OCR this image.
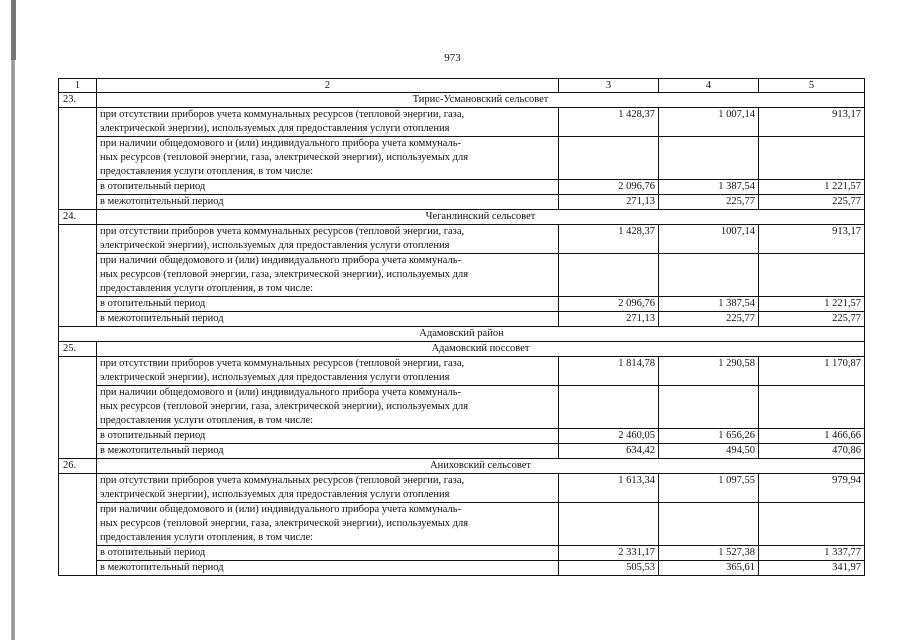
973
1	2	3	4	5
23.	Тирис-Усмановский сельсовет			

	при отсутствии приборов учета коммунальных ресурсов (тепловой энергии, газа,
электрической энергии), используемых для предоставления услуги отопления	1 428,37	1 007,14	913,17

	при наличии общедомового и (или) индивидуального прибора учета коммуналь-
ных ресурсов (тепловой энергии, газа, электрической энергии), используемых для
предоставления услуги отопления, в том числе:			

	в отопительный период	2 096,76	1 387,54	1 221,57

	в межотопительный период	271,13	225,77	225,77
24.	Чеганлинский сельсовет			

	при отсутствии приборов учета коммунальных ресурсов (тепловой энергии, газа,
электрической энергии), используемых для предоставления услуги отопления	1 428,37	1007,14	913,17

	при наличии общедомового и (или) индивидуального прибора учета коммуналь-
ных ресурсов (тепловой энергии, газа, электрической энергии), используемых для
предоставления услуги отопления, в том числе:			

	в отопительный период	2 096,76	1 387,54	1 221,57

	в межотопительный период	271,13	225,77	225,77
Адамовский район				
25.	Адамовский поссовет			

	при отсутствии приборов учета коммунальных ресурсов (тепловой энергии, газа,
электрической энергии), используемых для предоставления услуги отопления	1 814,78	1 290,58	1 170,87

	при наличии общедомового и (или) индивидуального прибора учета коммуналь-
ных ресурсов (тепловой энергии, газа, электрической энергии), используемых для
предоставления услуги отопления, в том числе:			

	в отопительный период	2 460,05	1 656,26	1 466,66

	в межотопительный период	634,42	494,50	470,86
26.	Аниховский сельсовет			

	при отсутствии приборов учета коммунальных ресурсов (тепловой энергии, газа,
электрической энергии), используемых для предоставления услуги отопления	1 613,34	1 097,55	979,94

	при наличии общедомового и (или) индивидуального прибора учета коммуналь-
ных ресурсов (тепловой энергии, газа, электрической энергии), используемых для
предоставления услуги отопления, в том числе:			

	в отопительный период	2 331,17	1 527,38	1 337,77

	в межотопительный период	505,53	365,61	341,97
